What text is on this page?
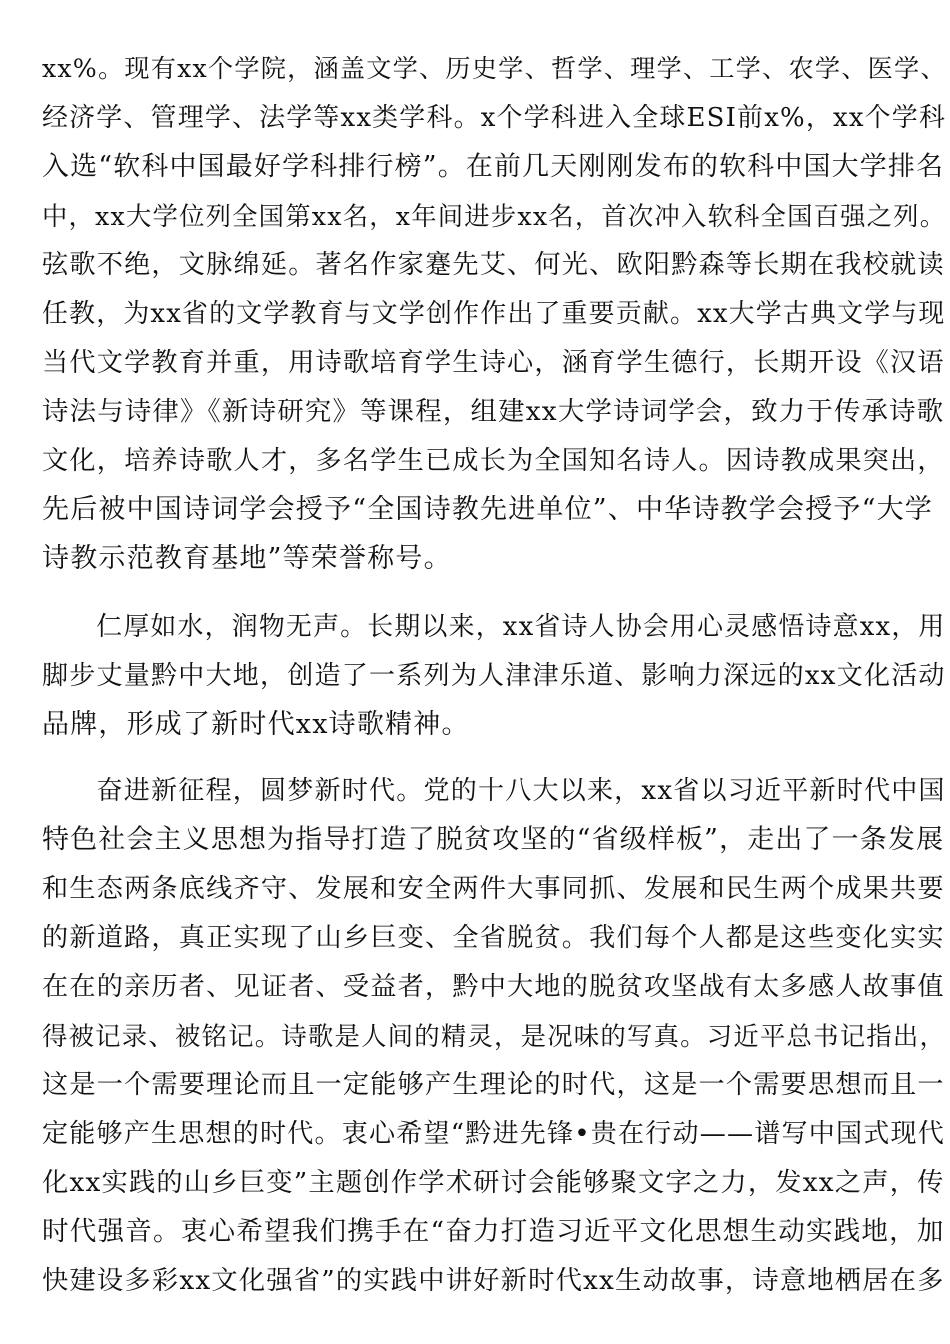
xx%。现有xx个学院，涵盖文学、历史学、哲学、理学、工学、农学、医学、
经济学、管理学、法学等xx类学科。x个学科进入全球ESI前x%，xx个学科
入选“软科中国最好学科排行榜”。在前几天刚刚发布的软科中国大学排名
中，xx大学位列全国第xx名，x年间进步xx名，首次冲入软科全国百强之列。
弦歌不绝，文脉绵延。著名作家蹇先艾、何光、欧阳黔森等长期在我校就读
任教，为xx省的文学教育与文学创作作出了重要贡献。xx大学古典文学与现
当代文学教育并重，用诗歌培育学生诗心，涵育学生德行，长期开设《汉语
诗法与诗律》《新诗研究》等课程，组建xx大学诗词学会，致力于传承诗歌
文化，培养诗歌人才，多名学生已成长为全国知名诗人。因诗教成果突出，
先后被中国诗词学会授予“全国诗教先进单位”、中华诗教学会授予“大学
诗教示范教育基地”等荣誉称号。
　　仁厚如水，润物无声。长期以来，xx省诗人协会用心灵感悟诗意xx，用
脚步丈量黔中大地，创造了一系列为人津津乐道、影响力深远的xx文化活动
品牌，形成了新时代xx诗歌精神。
　　奋进新征程，圆梦新时代。党的十八大以来，xx省以习近平新时代中国
特色社会主义思想为指导打造了脱贫攻坚的“省级样板”，走出了一条发展
和生态两条底线齐守、发展和安全两件大事同抓、发展和民生两个成果共要
的新道路，真正实现了山乡巨变、全省脱贫。我们每个人都是这些变化实实
在在的亲历者、见证者、受益者，黔中大地的脱贫攻坚战有太多感人故事值
得被记录、被铭记。诗歌是人间的精灵，是况味的写真。习近平总书记指出，
这是一个需要理论而且一定能够产生理论的时代，这是一个需要思想而且一
定能够产生思想的时代。衷心希望“黔进先锋•贵在行动——谱写中国式现代
化xx实践的山乡巨变”主题创作学术研讨会能够聚文字之力，发xx之声，传
时代强音。衷心希望我们携手在“奋力打造习近平文化思想生动实践地，加
快建设多彩xx文化强省”的实践中讲好新时代xx生动故事，诗意地栖居在多
